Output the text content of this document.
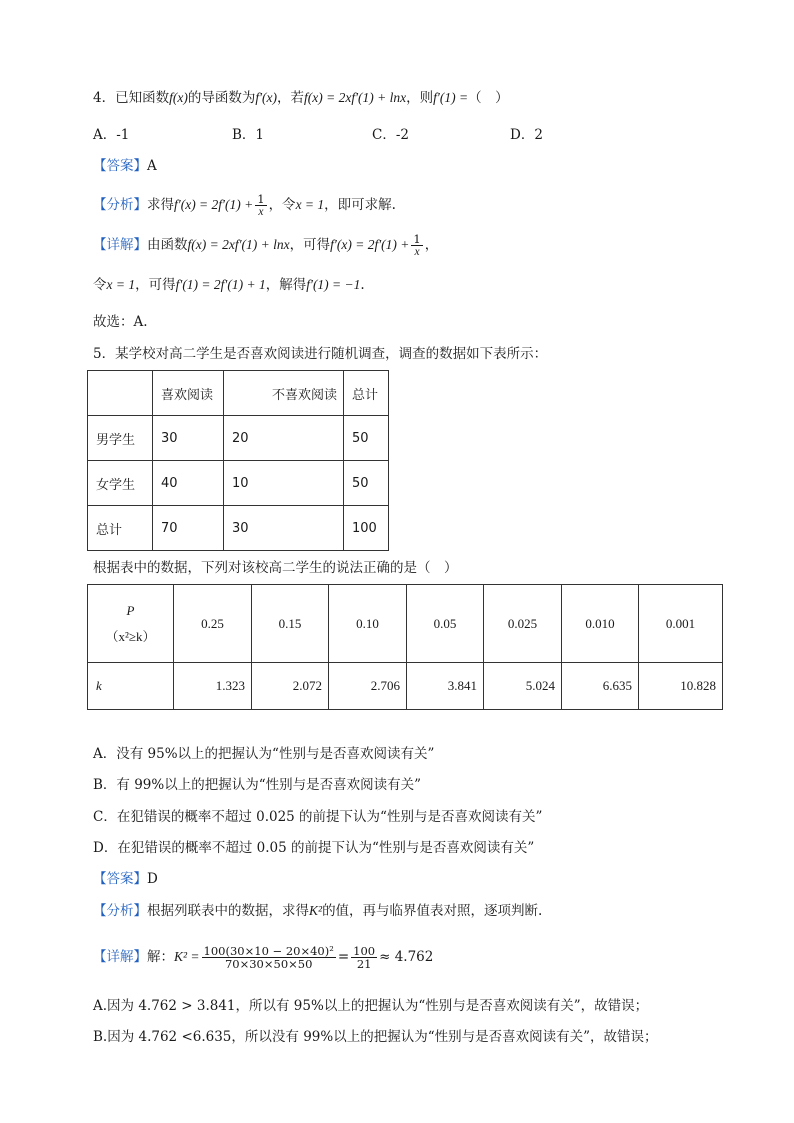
4．已知函数f(x)的导函数为f′(x)，若f(x) = 2xf′(1) + lnx，则f′(1) =（　）
A．-1	B．1	C．-2	D．2
【答案】A
【分析】求得$f'(x) = 2f'(1) + \frac{1}{x}$ ，令x = 1，即可求解.
【详解】由函数f(x) = 2xf′(1) + lnx，可得$f'(x) = 2f'(1) + \frac{1}{x}$ ，
令x = 1，可得f′(1) = 2f′(1) + 1，解得f′(1) = −1.
故选：A.
5．某学校对高二学生是否喜欢阅读进行随机调查，调查的数据如下表所示：
	喜欢阅读	不喜欢阅读	总计
男学生	30	20	50
女学生	40	10	50
总计	70	30	100
根据表中的数据，下列对该校高二学生的说法正确的是（　）
P
（x²≥k）	0.25	0.15	0.10	0.05	0.025	0.010	0.001
k	1.323	2.072	2.706	3.841	5.024	6.635	10.828
A．没有 95%以上的把握认为“性别与是否喜欢阅读有关”
B．有 99%以上的把握认为“性别与是否喜欢阅读有关”
C．在犯错误的概率不超过 0.025 的前提下认为“性别与是否喜欢阅读有关”
D．在犯错误的概率不超过 0.05 的前提下认为“性别与是否喜欢阅读有关”
【答案】D
【分析】根据列联表中的数据，求得K²的值，再与临界值表对照，逐项判断.
【详解】解：$K^2 = \frac{\text{100(30×10 − 20×40)²}}{70\times 30\times 50\times 50} = \frac{100}{21} \approx 4.762$
A.因为 4.762 > 3.841，所以有 95%以上的把握认为“性别与是否喜欢阅读有关”，故错误；
B.因为 4.762 <6.635，所以没有 99%以上的把握认为“性别与是否喜欢阅读有关”，故错误；
